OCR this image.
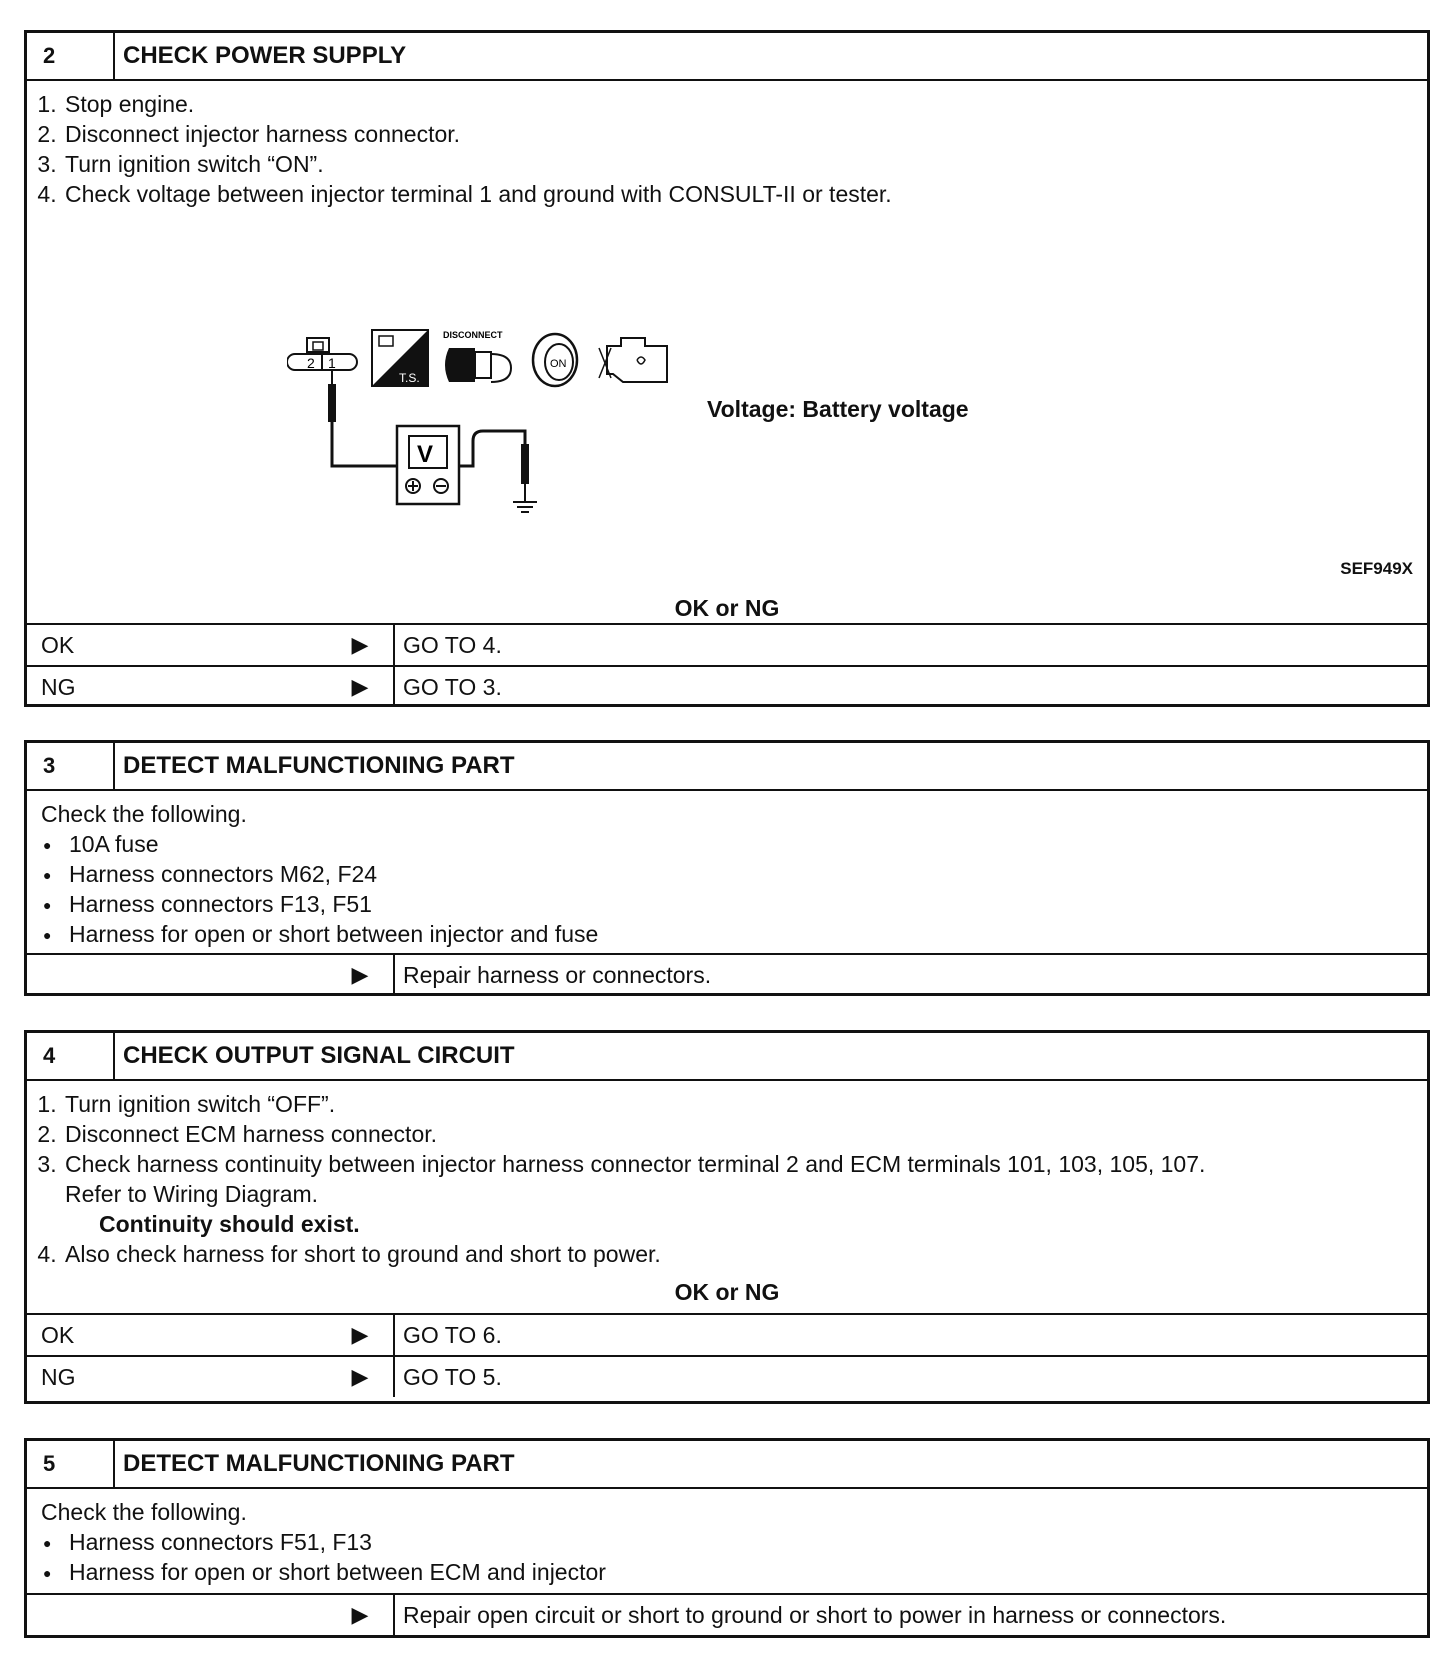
2	CHECK POWER SUPPLY
1. Stop engine.
2. Disconnect injector harness connector.
3. Turn ignition switch “ON”.
4. Check voltage between injector terminal 1 and ground with CONSULT-II or tester.
2 1
V
T.S.
DISCONNECT
ON
Voltage: Battery voltage
SEF949X
OK or NG
OK	▶	GO TO 4.
NG	▶	GO TO 3.
3	DETECT MALFUNCTIONING PART
Check the following.
● 10A fuse
● Harness connectors M62, F24
● Harness connectors F13, F51
● Harness for open or short between injector and fuse
▶	Repair harness or connectors.
4	CHECK OUTPUT SIGNAL CIRCUIT
1. Turn ignition switch “OFF”.
2. Disconnect ECM harness connector.
3. Check harness continuity between injector harness connector terminal 2 and ECM terminals 101, 103, 105, 107.
Refer to Wiring Diagram.
Continuity should exist.
4. Also check harness for short to ground and short to power.
OK or NG
OK	▶	GO TO 6.
NG	▶	GO TO 5.
5	DETECT MALFUNCTIONING PART
Check the following.
● Harness connectors F51, F13
● Harness for open or short between ECM and injector
▶	Repair open circuit or short to ground or short to power in harness or connectors.
